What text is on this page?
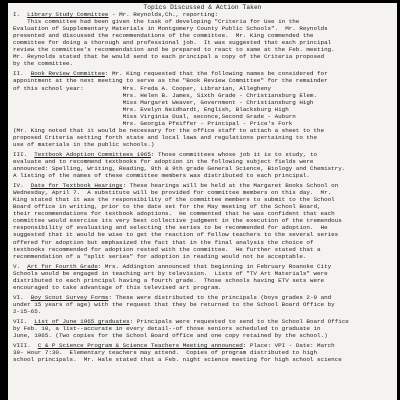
Topics Discussed & Action Taken
I. Library Study Committee - Mr. Reynolds,Ch., reporting:
This committee had been given the task of developing "Criteria for Use in the
Evaluation of Supplementary Materials in Montgomery County Public Schools".  Mr. Reynolds
presented and discussed the recommendations of the committee.  Mr. King commended the
committee for doing a thorough and professional job.  It was suggested that each principal
review the committee's recommendation and be prepared to react to same at the Feb. meeting.
Mr. Reynolds stated that he would send to each principal a copy of the Criteria proposed
by the committee.
II. Book Review Committee: Mr. King requested that the following names be considered for
appointment at the next meeting to serve as the "Book Review Committee" for the remainder
of this school year:           Mrs. Freda A. Cooper, Librarian, Allegheny
Mrs. Helen B. James, Sixth Grade - Christiansburg Elem.
Miss Margaret Weaver, Government - Christiansburg High
Mrs. Evelyn Neidhardt, English, Blacksburg High
Miss Virginia Dual, seconce,Second Grade - Auburn
Mrs. Georgia Pfeiffer - Principal - Price's Fork
(Mr. King noted that it would be necessary for the office staff to attach a sheet to the
proposed Criteria setting forth state and local laws and regulations pertaining to the
use of materials in the public schools.)
III. Textbook Adoption Committees 1965: Those committees whose job it is to study, to
evaluate and to recommend textbooks for adoption in the following subject fields were
announced: Spelling, Writing, Reading, 8th & 9th grade General Science, Biology and Chemistry.
A listing of the names of these committee members was distributed to each principal.
IV. Date for Textbook Hearings: These hearings will be held at the Margaret Books School on
Wednesday, April 7.  A substitute will be provided for committee members on this day.  Mr.
King stated that it was the responsibility of the committee members to submit to the School
Board office in writing, prior to the date set for the May meeting of the School Board,
their recommendations for textbook adoptions.  He commented that he was confident that each
committee would exercise its very best collective judgment in the execution of the tremendous
responsibility of evaluating and selecting the series to be recommended for adoption.  He
suggested that it would be wise to get the reaction of fellow teachers to the several series
offered for adoption but emphasized the fact that in the final analysis the choice of
textbooks recommended for adoption rested with the committee.  He further stated that a
recommendation of a "split series" for adoption in reading would not be acceptable.
V. Art for Fourth Grade: Mrs. Addington announced that beginning in February Roanoke City
Schools would be engaged in teaching art by television.  Lists of "TV Art Materials" were
distributed to each principal having a fourth grade.  Those schools having ETV sets were
encouraged to take advantage of this televised art program.
VI. Boy Scout Survey Forms: These were distributed to the principals (boys grades 2-9 and
under 15 years of age) with the request that they be returned to the School Board Office by
2-15-65.
VII. List of June 1965 graduates: Principals were requested to send to the School Board Office
by Feb. 10, a list--accurate in every detail--of those seniors scheduled to graduate in
June, 1965. (Two copies for the School Board office and one copy retained by the school.)
VIII. C & P Science Program & Science Teachers Meeting announced: Place: VPI - Date: March
30- Hour 7:30.  Elementary teachers may attend.  Copies of program distributed to high
school principals.  Mr. Hale stated that a Feb. night science meeting for high school science
